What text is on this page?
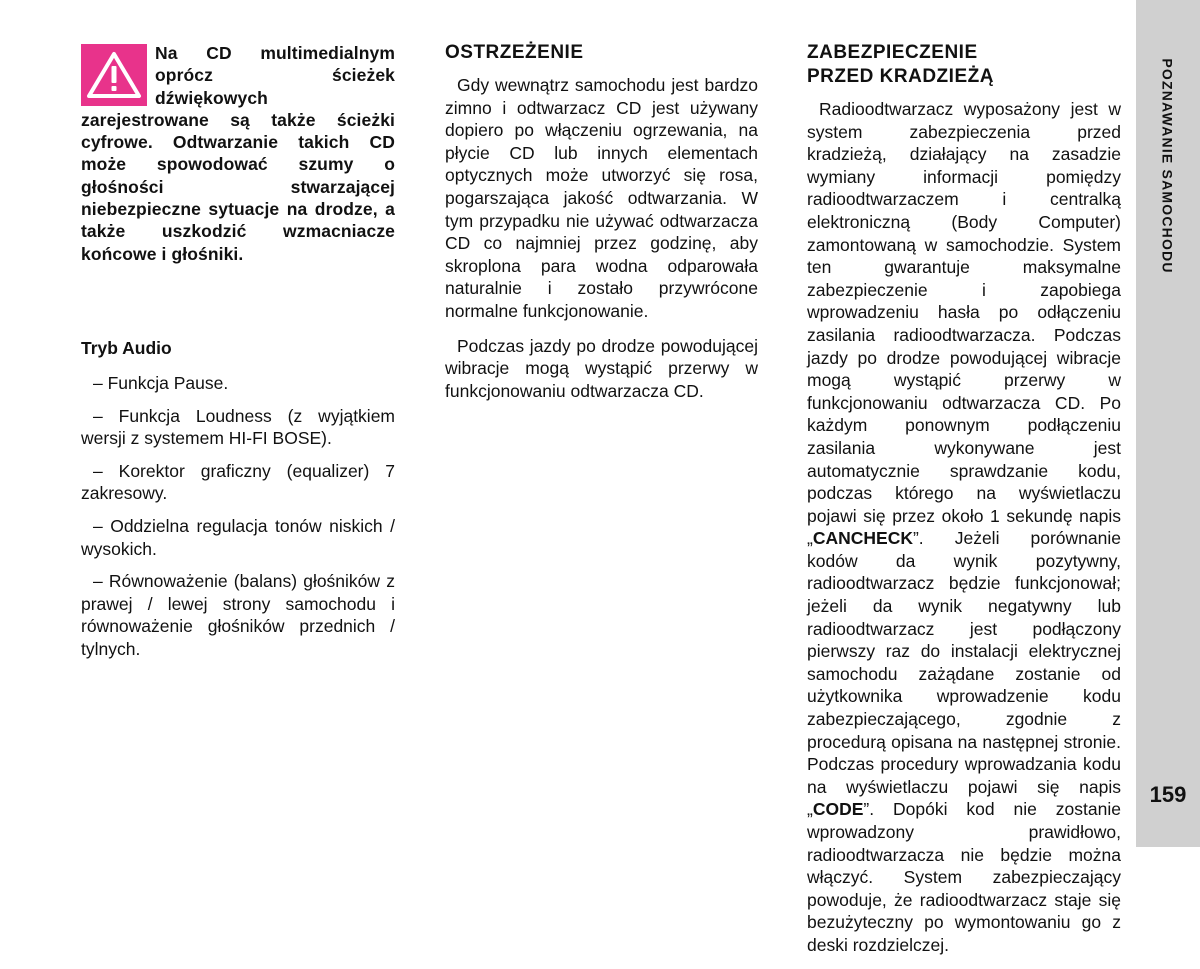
Na CD multimedialnym oprócz ścieżek dźwiękowych zarejestrowane są także ścieżki cyfrowe. Odtwarzanie takich CD może spowodować szumy o głośności stwarzającej niebezpieczne sytuacje na drodze, a także uszkodzić wzmacniacze końcowe i głośniki.
Tryb Audio
– Funkcja Pause.
– Funkcja Loudness (z wyjątkiem wersji z systemem HI-FI BOSE).
– Korektor graficzny (equalizer) 7 zakresowy.
– Oddzielna regulacja tonów niskich / wysokich.
– Równoważenie (balans) głośników z prawej / lewej strony samochodu i równoważenie głośników przednich / tylnych.
OSTRZEŻENIE
Gdy wewnątrz samochodu jest bardzo zimno i odtwarzacz CD jest używany dopiero po włączeniu ogrzewania, na płycie CD lub innych elementach optycznych może utworzyć się rosa, pogarszająca jakość odtwarzania. W tym przypadku nie używać odtwarzacza CD co najmniej przez godzinę, aby skroplona para wodna odparowała naturalnie i zostało przywrócone normalne funkcjonowanie.
Podczas jazdy po drodze powodującej wibracje mogą wystąpić przerwy w funkcjonowaniu odtwarzacza CD.
ZABEZPIECZENIE
PRZED KRADZIEŻĄ
Radioodtwarzacz wyposażony jest w system zabezpieczenia przed kradzieżą, działający na zasadzie wymiany informacji pomiędzy radioodtwarzaczem i centralką elektroniczną (Body Computer) zamontowaną w samochodzie. System ten gwarantuje maksymalne zabezpieczenie i zapobiega wprowadzeniu hasła po odłączeniu zasilania radioodtwarzacza. Podczas jazdy po drodze powodującej wibracje mogą wystąpić przerwy w funkcjonowaniu odtwarzacza CD. Po każdym ponownym podłączeniu zasilania wykonywane jest automatycznie sprawdzanie kodu, podczas którego na wyświetlaczu pojawi się przez około 1 sekundę napis „CANCHECK”. Jeżeli porównanie kodów da wynik pozytywny, radioodtwarzacz będzie funkcjonował; jeżeli da wynik negatywny lub radioodtwarzacz jest podłączony pierwszy raz do instalacji elektrycznej samochodu zażądane zostanie od użytkownika wprowadzenie kodu zabezpieczającego, zgodnie z procedurą opisana na następnej stronie. Podczas procedury wprowadzania kodu na wyświetlaczu pojawi się napis „CODE”. Dopóki kod nie zostanie wprowadzony prawidłowo, radioodtwarzacza nie będzie można włączyć. System zabezpieczający powoduje, że radioodtwarzacz staje się bezużyteczny po wymontowaniu go z deski rozdzielczej.
POZNAWANIE SAMOCHODU
159
